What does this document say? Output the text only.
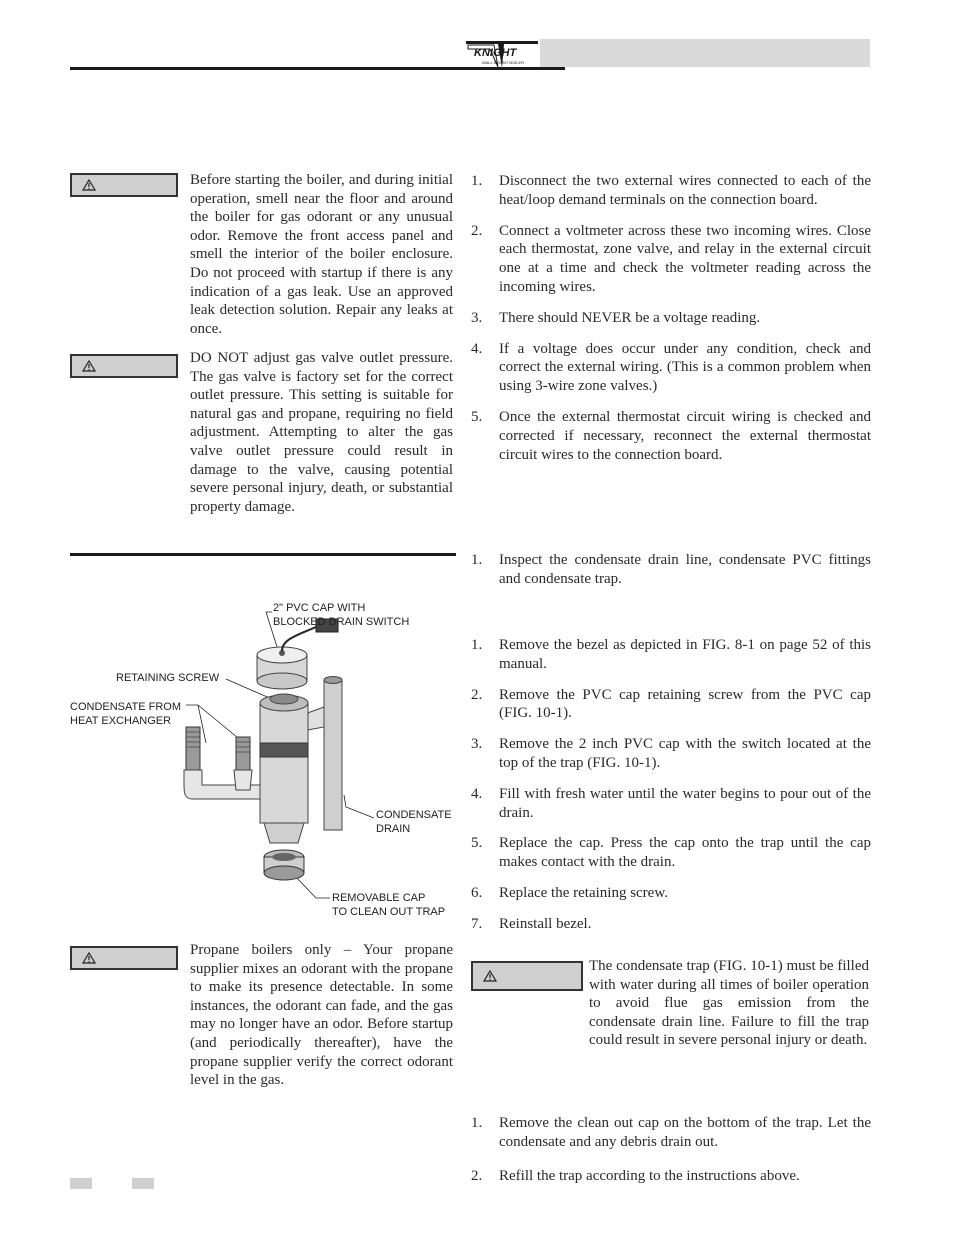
KNIGHT
WALL MOUNT BOILER
Before starting the boiler, and during initial operation, smell near the floor and around the boiler for gas odorant or any unusual odor. Remove the front access panel and smell the interior of the boiler enclosure. Do not proceed with startup if there is any indication of a gas leak. Use an approved leak detection solution. Repair any leaks at once.
DO NOT adjust gas valve outlet pressure. The gas valve is factory set for the correct outlet pressure. This setting is suitable for natural gas and propane, requiring no field adjustment. Attempting to alter the gas valve outlet pressure could result in damage to the valve, causing potential severe personal injury, death, or substantial property damage.
2" PVC CAP WITH
BLOCKED DRAIN SWITCH
RETAINING SCREW
CONDENSATE FROM
HEAT EXCHANGER
CONDENSATE
DRAIN
REMOVABLE CAP
TO CLEAN OUT TRAP
Propane boilers only – Your propane supplier mixes an odorant with the propane to make its presence detectable. In some instances, the odorant can fade, and the gas may no longer have an odor. Before startup (and periodically thereafter), have the propane supplier verify the correct odorant level in the gas.
1. Disconnect the two external wires connected to each of the heat/loop demand terminals on the connection board.
2. Connect a voltmeter across these two incoming wires. Close each thermostat, zone valve, and relay in the external circuit one at a time and check the voltmeter reading across the incoming wires.
3. There should NEVER be a voltage reading.
4. If a voltage does occur under any condition, check and correct the external wiring. (This is a common problem when using 3-wire zone valves.)
5. Once the external thermostat circuit wiring is checked and corrected if necessary, reconnect the external thermostat circuit wires to the connection board.
1. Inspect the condensate drain line, condensate PVC fittings and condensate trap.
1. Remove the bezel as depicted in FIG. 8-1 on page 52 of this manual.
2. Remove the PVC cap retaining screw from the PVC cap (FIG. 10-1).
3. Remove the 2 inch PVC cap with the switch located at the top of the trap (FIG. 10-1).
4. Fill with fresh water until the water begins to pour out of the drain.
5. Replace the cap. Press the cap onto the trap until the cap makes contact with the drain.
6. Replace the retaining screw.
7. Reinstall bezel.
The condensate trap (FIG. 10-1) must be filled with water during all times of boiler operation to avoid flue gas emission from the condensate drain line. Failure to fill the trap could result in severe personal injury or death.
1. Remove the clean out cap on the bottom of the trap. Let the condensate and any debris drain out.
2. Refill the trap according to the instructions above.
